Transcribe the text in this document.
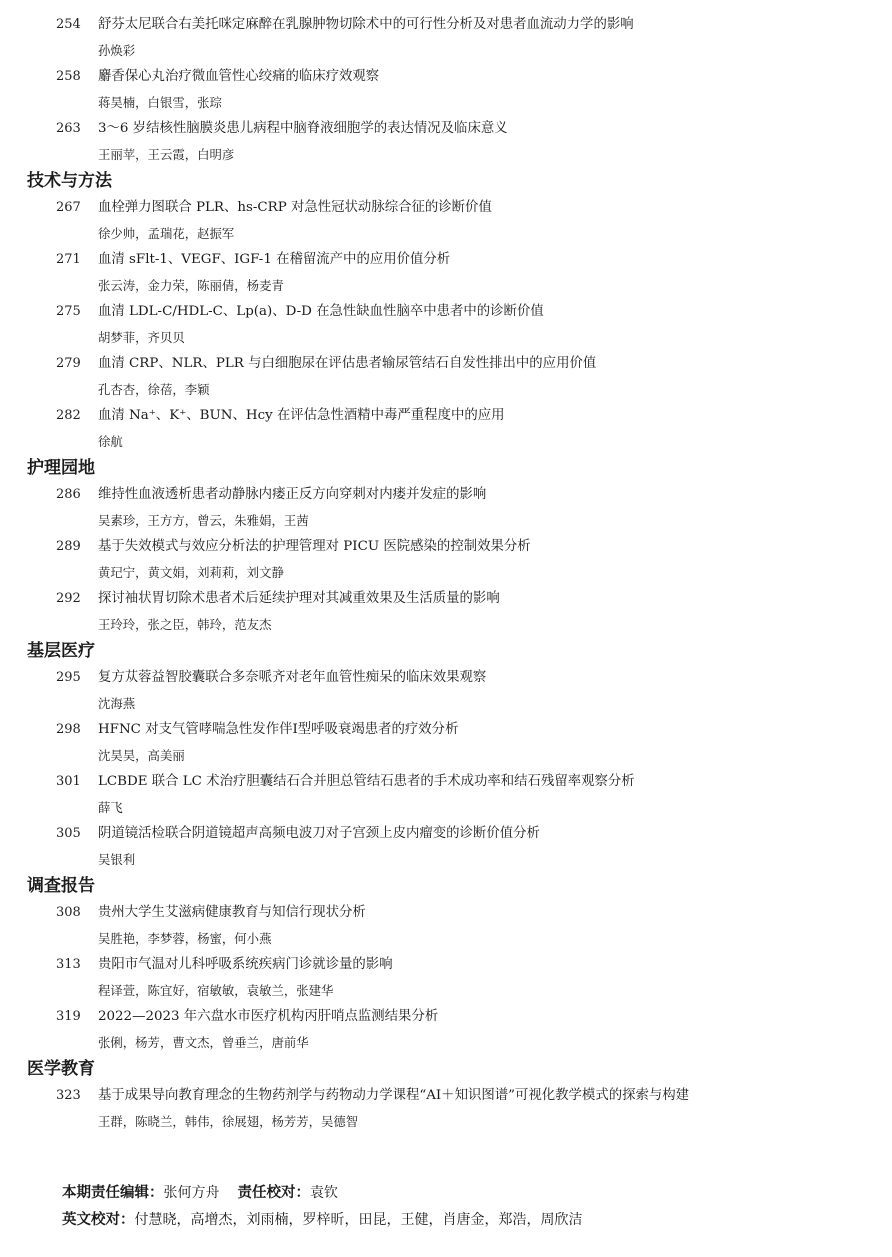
254 舒芬太尼联合右美托咪定麻醉在乳腺肿物切除术中的可行性分析及对患者血流动力学的影响
孙焕彩
258 麝香保心丸治疗微血管性心绞痛的临床疗效观察
蒋昊楠，白银雪，张琮
263 3～6 岁结核性脑膜炎患儿病程中脑脊液细胞学的表达情况及临床意义
王丽苹，王云霞，白明彦
技术与方法
267 血栓弹力图联合 PLR、hs-CRP 对急性冠状动脉综合征的诊断价值
徐少帅，孟瑞花，赵振军
271 血清 sFlt-1、VEGF、IGF-1 在稽留流产中的应用价值分析
张云涛，金力荣，陈丽倩，杨麦青
275 血清 LDL-C/HDL-C、Lp(a)、D-D 在急性缺血性脑卒中患者中的诊断价值
胡梦菲，齐贝贝
279 血清 CRP、NLR、PLR 与白细胞尿在评估患者输尿管结石自发性排出中的应用价值
孔杏杏，徐蓓，李颖
282 血清 Na⁺、K⁺、BUN、Hcy 在评估急性酒精中毒严重程度中的应用
徐航
护理园地
286 维持性血液透析患者动静脉内瘘正反方向穿刺对内瘘并发症的影响
吴素珍，王方方，曾云，朱雅娟，王茜
289 基于失效模式与效应分析法的护理管理对 PICU 医院感染的控制效果分析
黄玘宁，黄文娟，刘莉莉，刘文静
292 探讨袖状胃切除术患者术后延续护理对其减重效果及生活质量的影响
王玲玲，张之臣，韩玲，范友杰
基层医疗
295 复方苁蓉益智胶囊联合多奈哌齐对老年血管性痴呆的临床效果观察
沈海燕
298 HFNC 对支气管哮喘急性发作伴Ⅰ型呼吸衰竭患者的疗效分析
沈昊昊，高美丽
301 LCBDE 联合 LC 术治疗胆囊结石合并胆总管结石患者的手术成功率和结石残留率观察分析
薛飞
305 阴道镜活检联合阴道镜超声高频电波刀对子宫颈上皮内瘤变的诊断价值分析
吴银利
调查报告
308 贵州大学生艾滋病健康教育与知信行现状分析
吴胜艳，李梦蓉，杨蜜，何小燕
313 贵阳市气温对儿科呼吸系统疾病门诊就诊量的影响
程译萱，陈宜好，宿敏敏，袁敏兰，张建华
319 2022—2023 年六盘水市医疗机构丙肝哨点监测结果分析
张俐，杨芳，曹文杰，曾垂兰，唐前华
医学教育
323 基于成果导向教育理念的生物药剂学与药物动力学课程“AI＋知识图谱”可视化教学模式的探索与构建
王群，陈晓兰，韩伟，徐展翅，杨芳芳，吴德智
本期责任编辑：张何方舟 责任校对：袁钦
英文校对：付慧晓，高增杰，刘雨楠，罗梓昕，田昆，王健，肖唐金，郑浩，周欣洁
